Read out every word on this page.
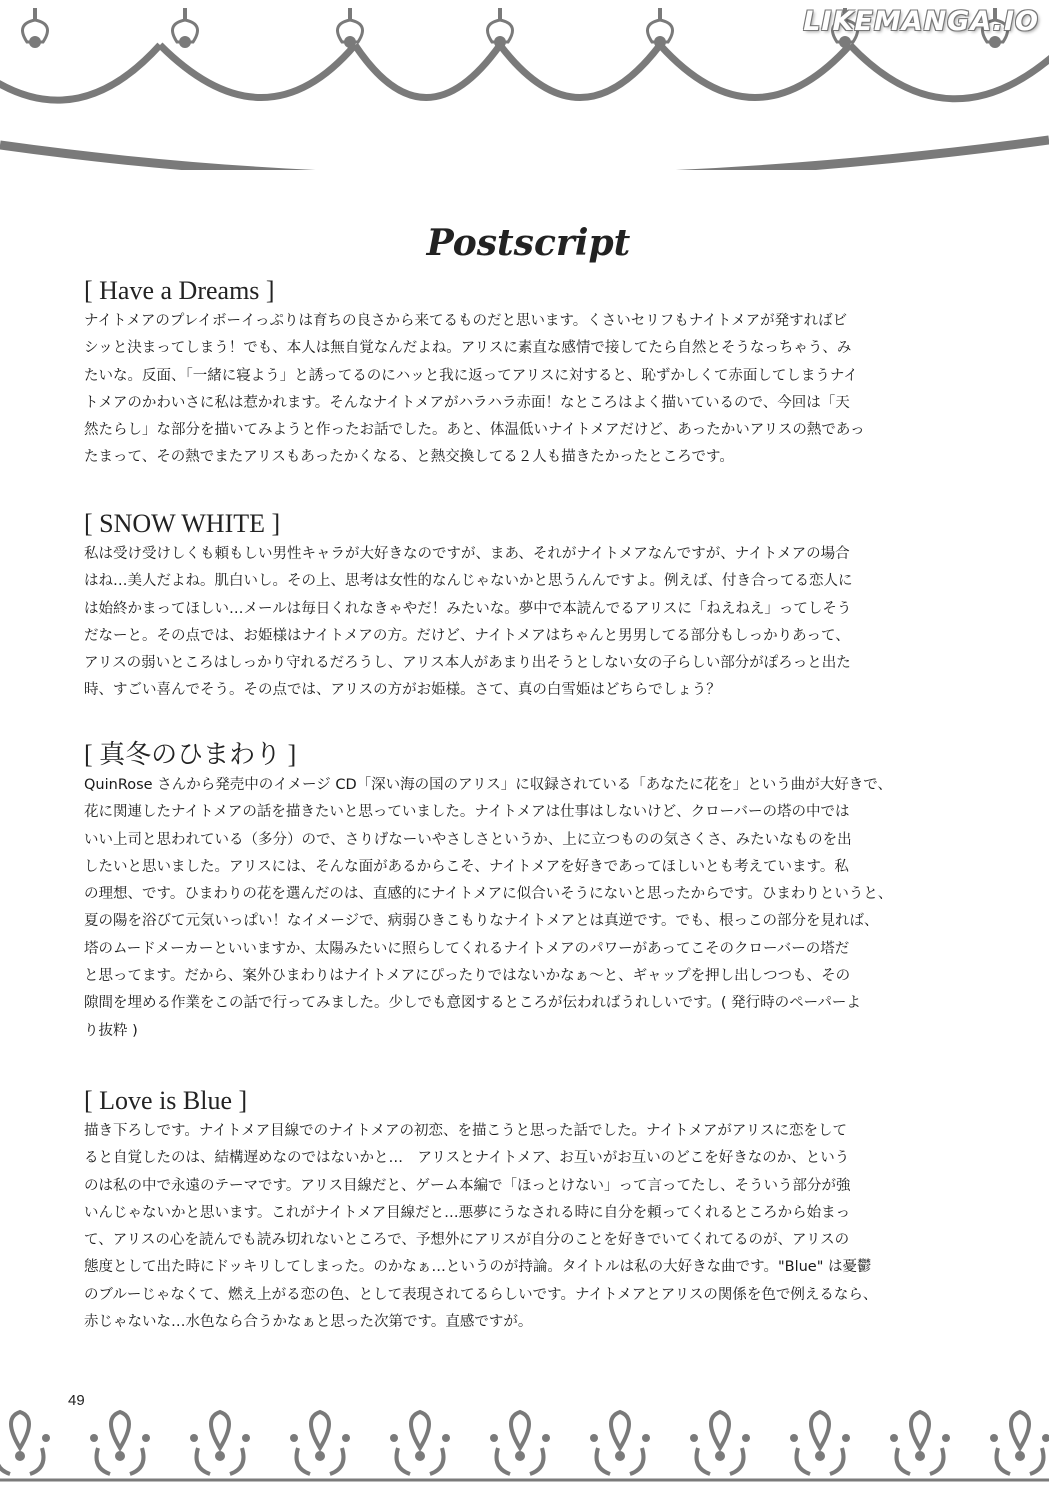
LIKEMANGA.IO
Postscript
[ Have a Dreams ]

ナイトメアのプレイボーイっぷりは育ちの良さから来てるものだと思います。くさいセリフもナイトメアが発すればビ
シッと決まってしまう！でも、本人は無自覚なんだよね。アリスに素直な感情で接してたら自然とそうなっちゃう、み
たいな。反面、「一緒に寝よう」と誘ってるのにハッと我に返ってアリスに対すると、恥ずかしくて赤面してしまうナイ
トメアのかわいさに私は惹かれます。そんなナイトメアがハラハラ赤面！なところはよく描いているので、今回は「天
然たらし」な部分を描いてみようと作ったお話でした。あと、体温低いナイトメアだけど、あったかいアリスの熱であっ
たまって、その熱でまたアリスもあったかくなる、と熱交換してる２人も描きたかったところです。

[ SNOW WHITE ]

私は受け受けしくも頼もしい男性キャラが大好きなのですが、まあ、それがナイトメアなんですが、ナイトメアの場合
はね…美人だよね。肌白いし。その上、思考は女性的なんじゃないかと思うんんですよ。例えば、付き合ってる恋人に
は始終かまってほしい…メールは毎日くれなきゃやだ！みたいな。夢中で本読んでるアリスに「ねえねえ」ってしそう
だなーと。その点では、お姫様はナイトメアの方。だけど、ナイトメアはちゃんと男男してる部分もしっかりあって、
アリスの弱いところはしっかり守れるだろうし、アリス本人があまり出そうとしない女の子らしい部分がぽろっと出た
時、すごい喜んでそう。その点では、アリスの方がお姫様。さて、真の白雪姫はどちらでしょう？

[ 真冬のひまわり ]

QuinRose さんから発売中のイメージ CD「深い海の国のアリス」に収録されている「あなたに花を」という曲が大好きで、
花に関連したナイトメアの話を描きたいと思っていました。ナイトメアは仕事はしないけど、クローバーの塔の中では
いい上司と思われている（多分）ので、さりげなーいやさしさというか、上に立つものの気さくさ、みたいなものを出
したいと思いました。アリスには、そんな面があるからこそ、ナイトメアを好きであってほしいとも考えています。私
の理想、です。ひまわりの花を選んだのは、直感的にナイトメアに似合いそうにないと思ったからです。ひまわりというと、
夏の陽を浴びて元気いっぱい！なイメージで、病弱ひきこもりなナイトメアとは真逆です。でも、根っこの部分を見れば、
塔のムードメーカーといいますか、太陽みたいに照らしてくれるナイトメアのパワーがあってこそのクローバーの塔だ
と思ってます。だから、案外ひまわりはナイトメアにぴったりではないかなぁ～と、ギャップを押し出しつつも、その
隙間を埋める作業をこの話で行ってみました。少しでも意図するところが伝わればうれしいです。( 発行時のペーパーよ
り抜粋 )

[ Love is Blue ]

描き下ろしです。ナイトメア目線でのナイトメアの初恋、を描こうと思った話でした。ナイトメアがアリスに恋をして
ると自覚したのは、結構遅めなのではないかと…　アリスとナイトメア、お互いがお互いのどこを好きなのか、という
のは私の中で永遠のテーマです。アリス目線だと、ゲーム本編で「ほっとけない」って言ってたし、そういう部分が強
いんじゃないかと思います。これがナイトメア目線だと…悪夢にうなされる時に自分を頼ってくれるところから始まっ
て、アリスの心を読んでも読み切れないところで、予想外にアリスが自分のことを好きでいてくれてるのが、アリスの
態度として出た時にドッキリしてしまった。のかなぁ…というのが持論。タイトルは私の大好きな曲です。"Blue" は憂鬱
のブルーじゃなくて、燃え上がる恋の色、として表現されてるらしいです。ナイトメアとアリスの関係を色で例えるなら、
赤じゃないな…水色なら合うかなぁと思った次第です。直感ですが。

49
